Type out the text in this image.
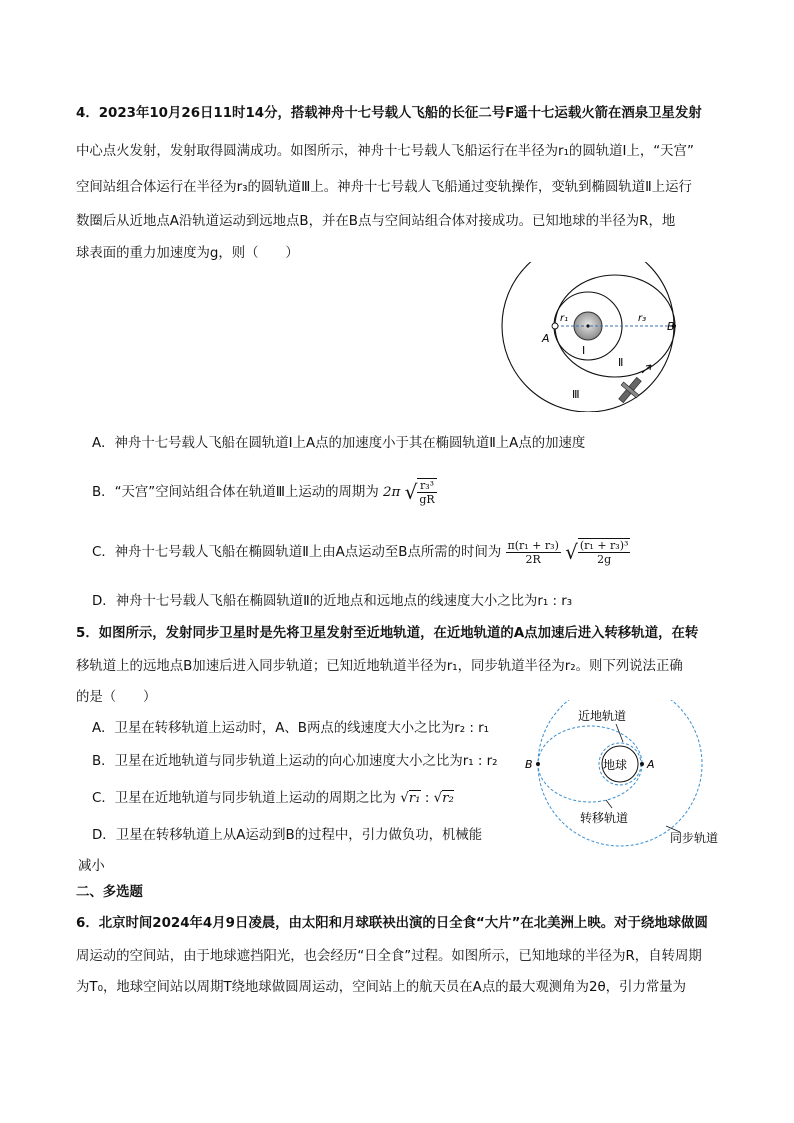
4．2023年10月26日11时14分，搭载神舟十七号载人飞船的长征二号F遥十七运载火箭在酒泉卫星发射
中心点火发射，发射取得圆满成功。如图所示，神舟十七号载人飞船运行在半径为r₁的圆轨道Ⅰ上，“天宫”
空间站组合体运行在半径为r₃的圆轨道Ⅲ上。神舟十七号载人飞船通过变轨操作，变轨到椭圆轨道Ⅱ上运行
数圈后从近地点A沿轨道运动到远地点B，并在B点与空间站组合体对接成功。已知地球的半径为R，地
球表面的重力加速度为g，则（　　）
r₁	r₃
A
B
Ⅰ
Ⅱ
Ⅲ
A．神舟十七号载人飞船在圆轨道Ⅰ上A点的加速度小于其在椭圆轨道Ⅱ上A点的加速度
B．“天宫”空间站组合体在轨道Ⅲ上运动的周期为 2π √ $\frac{\text{r₃³}}{gR}$
C．神舟十七号载人飞船在椭圆轨道Ⅱ上由A点运动至B点所需的时间为 $\frac{\text{π(r₁ + r₃)}}{2R}$ √ $\frac{\text{(r₁ + r₃)³}}{2g}$
D．神舟十七号载人飞船在椭圆轨道Ⅱ的近地点和远地点的线速度大小之比为r₁ : r₃
5．如图所示，发射同步卫星时是先将卫星发射至近地轨道，在近地轨道的A点加速后进入转移轨道，在转
移轨道上的远地点B加速后进入同步轨道；已知近地轨道半径为r₁，同步轨道半径为r₂。则下列说法正确
的是（　　）
A．卫星在转移轨道上运动时，A、B两点的线速度大小之比为r₂ : r₁
B．卫星在近地轨道与同步轨道上运动的向心加速度大小之比为r₁ : r₂
C．卫星在近地轨道与同步轨道上运动的周期之比为 √r₁ : √r₂
D．卫星在转移轨道上从A运动到B的过程中，引力做负功，机械能
减小
地球 A
B
近地轨道
转移轨道
同步轨道
二、多选题
6．北京时间2024年4月9日凌晨，由太阳和月球联袂出演的日全食“大片”在北美洲上映。对于绕地球做圆
周运动的空间站，由于地球遮挡阳光，也会经历“日全食”过程。如图所示，已知地球的半径为R，自转周期
为T₀，地球空间站以周期T绕地球做圆周运动，空间站上的航天员在A点的最大观测角为2θ，引力常量为
